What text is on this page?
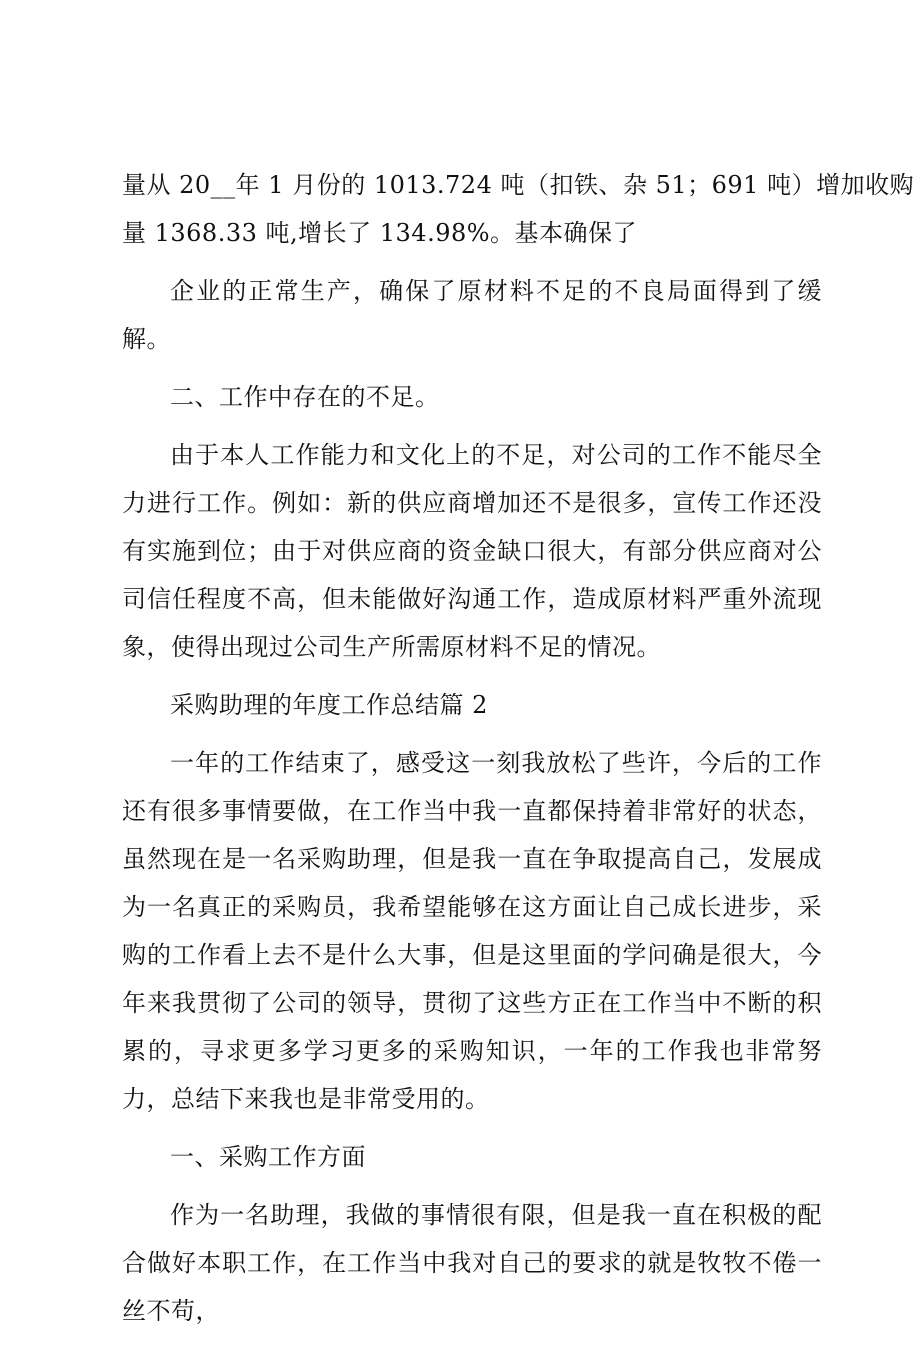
量从 20__年 1 月份的 1013.724 吨（扣铁、杂 51；691 吨）增加收购
量 1368.33 吨,增长了 134.98%。基本确保了

企业的正常生产，确保了原材料不足的不良局面得到了缓解。

二、工作中存在的不足。

由于本人工作能力和文化上的不足，对公司的工作不能尽全力进行工作。例如：新的供应商增加还不是很多，宣传工作还没有实施到位；由于对供应商的资金缺口很大，有部分供应商对公司信任程度不高，但未能做好沟通工作，造成原材料严重外流现象，使得出现过公司生产所需原材料不足的情况。

采购助理的年度工作总结篇 2

一年的工作结束了，感受这一刻我放松了些许，今后的工作还有很多事情要做，在工作当中我一直都保持着非常好的状态，虽然现在是一名采购助理，但是我一直在争取提高自己，发展成为一名真正的采购员，我希望能够在这方面让自己成长进步，采购的工作看上去不是什么大事，但是这里面的学问确是很大，今年来我贯彻了公司的领导，贯彻了这些方正在工作当中不断的积累的，寻求更多学习更多的采购知识，一年的工作我也非常努力，总结下来我也是非常受用的。

一、采购工作方面

作为一名助理，我做的事情很有限，但是我一直在积极的配合做好本职工作，在工作当中我对自己的要求的就是牧牧不倦一丝不苟，
